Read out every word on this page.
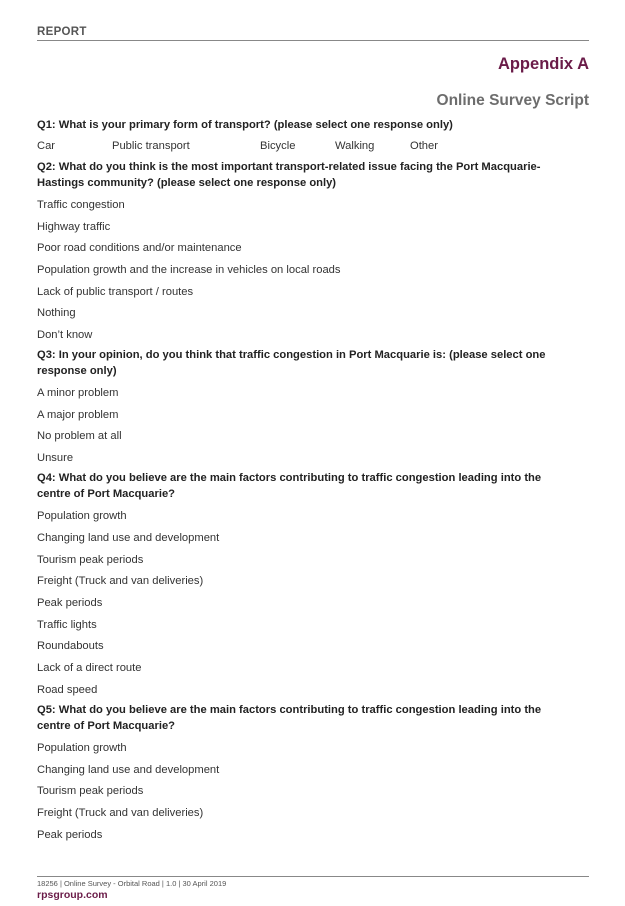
REPORT
Appendix A
Online Survey Script
Q1: What is your primary form of transport? (please select one response only)
Car	Public transport	Bicycle	Walking	Other
Q2: What do you think is the most important transport-related issue facing the Port Macquarie-
Hastings community? (please select one response only)
Traffic congestion
Highway traffic
Poor road conditions and/or maintenance
Population growth and the increase in vehicles on local roads
Lack of public transport / routes
Nothing
Don’t know
Q3: In your opinion, do you think that traffic congestion in Port Macquarie is: (please select one
response only)
A minor problem
A major problem
No problem at all
Unsure
Q4: What do you believe are the main factors contributing to traffic congestion leading into the
centre of Port Macquarie?
Population growth
Changing land use and development
Tourism peak periods
Freight (Truck and van deliveries)
Peak periods
Traffic lights
Roundabouts
Lack of a direct route
Road speed
Q5: What do you believe are the main factors contributing to traffic congestion leading into the
centre of Port Macquarie?
Population growth
Changing land use and development
Tourism peak periods
Freight (Truck and van deliveries)
Peak periods
18256 | Online Survey - Orbital Road | 1.0 | 30 April 2019
rpsgroup.com
